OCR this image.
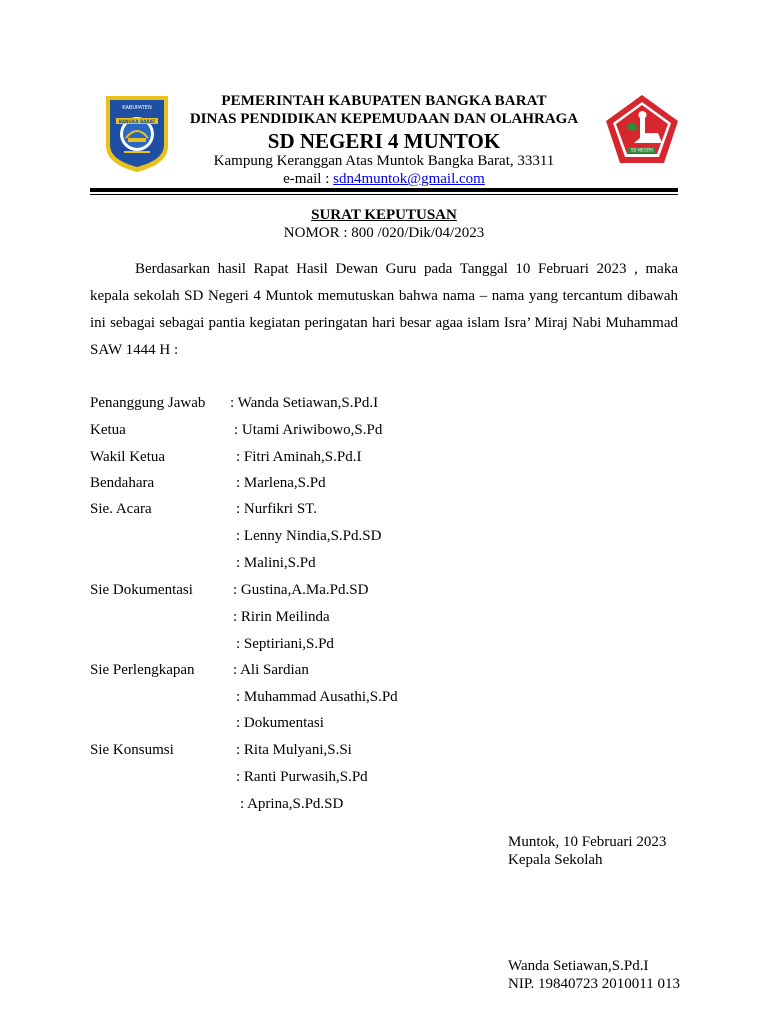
KABUPATEN
BANGKA BARAT
SD NEGERI
PEMERINTAH KABUPATEN BANGKA BARAT
DINAS PENDIDIKAN KEPEMUDAAN DAN OLAHRAGA
SD NEGERI 4 MUNTOK
Kampung Keranggan Atas Muntok Bangka Barat, 33311
e-mail : sdn4muntok@gmail.com
SURAT KEPUTUSAN
NOMOR : 800 /020/Dik/04/2023
Berdasarkan hasil Rapat Hasil Dewan Guru pada Tanggal 10 Februari 2023 , maka
kepala sekolah SD Negeri 4 Muntok memutuskan bahwa nama – nama yang tercantum dibawah
ini sebagai sebagai pantia kegiatan peringatan hari besar agaa islam Isra’ Miraj Nabi Muhammad
SAW 1444 H :
Penanggung Jawab : Wanda Setiawan,S.Pd.I
Ketua	: Utami Ariwibowo,S.Pd
Wakil Ketua	: Fitri Aminah,S.Pd.I
Bendahara	: Marlena,S.Pd
Sie. Acara	: Nurfikri ST.
: Lenny Nindia,S.Pd.SD
: Malini,S.Pd
Sie Dokumentasi	: Gustina,A.Ma.Pd.SD
: Ririn Meilinda
: Septiriani,S.Pd
Sie Perlengkapan	: Ali Sardian
: Muhammad Ausathi,S.Pd
: Dokumentasi
Sie Konsumsi	: Rita Mulyani,S.Si
: Ranti Purwasih,S.Pd
: Aprina,S.Pd.SD
Muntok, 10 Februari 2023
Kepala Sekolah
Wanda Setiawan,S.Pd.I
NIP. 19840723 2010011 013
